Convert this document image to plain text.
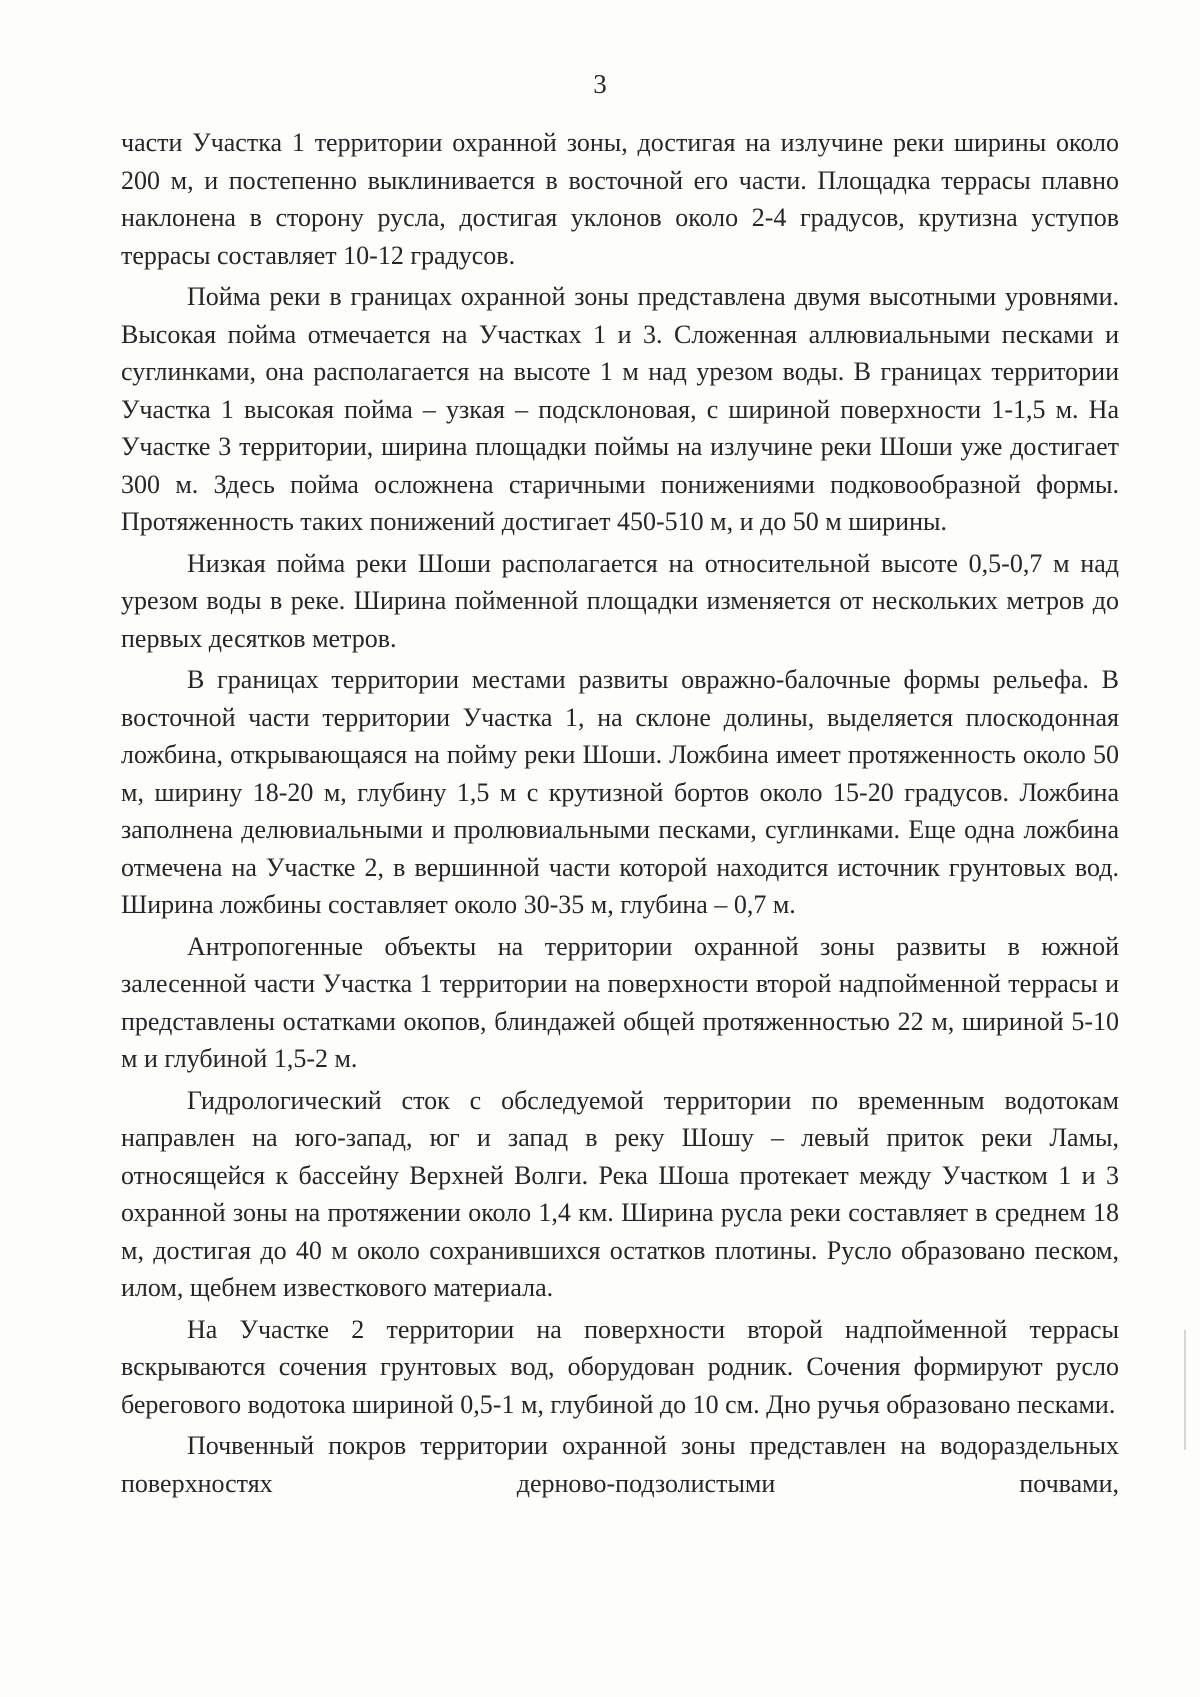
3

части Участка 1 территории охранной зоны, достигая на излучине реки ширины около 200 м, и постепенно выклинивается в восточной его части. Площадка террасы плавно наклонена в сторону русла, достигая уклонов около 2-4 градусов, крутизна уступов террасы составляет 10-12 градусов.

Пойма реки в границах охранной зоны представлена двумя высотными уровнями. Высокая пойма отмечается на Участках 1 и 3. Сложенная аллювиальными песками и суглинками, она располагается на высоте 1 м над урезом воды. В границах территории Участка 1 высокая пойма – узкая – подсклоновая, с шириной поверхности 1-1,5 м. На Участке 3 территории, ширина площадки поймы на излучине реки Шоши уже достигает 300 м. Здесь пойма осложнена старичными понижениями подковообразной формы. Протяженность таких понижений достигает 450-510 м, и до 50 м ширины.

Низкая пойма реки Шоши располагается на относительной высоте 0,5-0,7 м над урезом воды в реке. Ширина пойменной площадки изменяется от нескольких метров до первых десятков метров.

В границах территории местами развиты овражно-балочные формы рельефа. В восточной части территории Участка 1, на склоне долины, выделяется плоскодонная ложбина, открывающаяся на пойму реки Шоши. Ложбина имеет протяженность около 50 м, ширину 18-20 м, глубину 1,5 м с крутизной бортов около 15-20 градусов. Ложбина заполнена делювиальными и пролювиальными песками, суглинками. Еще одна ложбина отмечена на Участке 2, в вершинной части которой находится источник грунтовых вод. Ширина ложбины составляет около 30-35 м, глубина – 0,7 м.

Антропогенные объекты на территории охранной зоны развиты в южной залесенной части Участка 1 территории на поверхности второй надпойменной террасы и представлены остатками окопов, блиндажей общей протяженностью 22 м, шириной 5-10 м и глубиной 1,5-2 м.

Гидрологический сток с обследуемой территории по временным водотокам направлен на юго-запад, юг и запад в реку Шошу – левый приток реки Ламы, относящейся к бассейну Верхней Волги. Река Шоша протекает между Участком 1 и 3 охранной зоны на протяжении около 1,4 км. Ширина русла реки составляет в среднем 18 м, достигая до 40 м около сохранившихся остатков плотины. Русло образовано песком, илом, щебнем известкового материала.

На Участке 2 территории на поверхности второй надпойменной террасы вскрываются сочения грунтовых вод, оборудован родник. Сочения формируют русло берегового водотока шириной 0,5-1 м, глубиной до 10 см. Дно ручья образовано песками.

Почвенный покров территории охранной зоны представлен на водораздельных поверхностях дерново-подзолистыми почвами,
